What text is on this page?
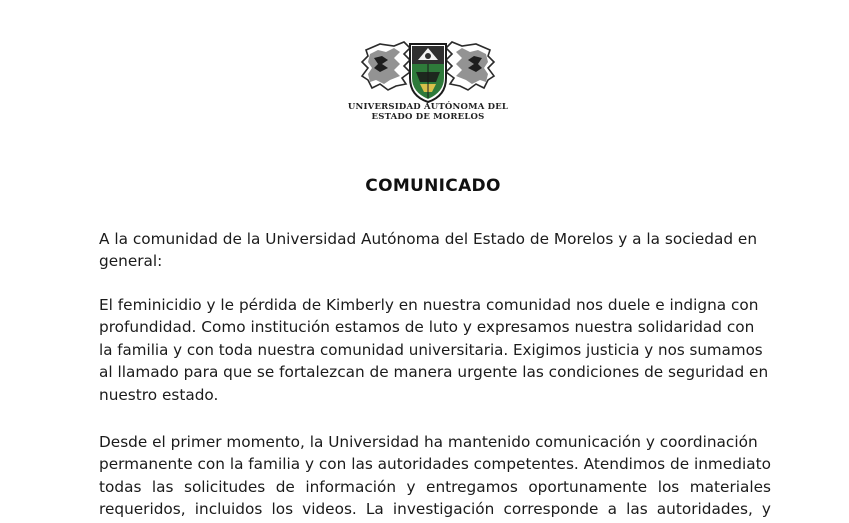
UNIVERSIDAD AUTÓNOMA DEL
ESTADO DE MORELOS
COMUNICADO
A la comunidad de la Universidad Autónoma del Estado de Morelos y a la sociedad en
general:
El feminicidio y le pérdida de Kimberly en nuestra comunidad nos duele e indigna con
profundidad. Como institución estamos de luto y expresamos nuestra solidaridad con
la familia y con toda nuestra comunidad universitaria. Exigimos justicia y nos sumamos
al llamado para que se fortalezcan de manera urgente las condiciones de seguridad en
nuestro estado.
Desde el primer momento, la Universidad ha mantenido comunicación y coordinación
permanente con la familia y con las autoridades competentes. Atendimos de inmediato
todas las solicitudes de información y entregamos oportunamente los materiales
requeridos, incluidos los videos. La investigación corresponde a las autoridades, y
